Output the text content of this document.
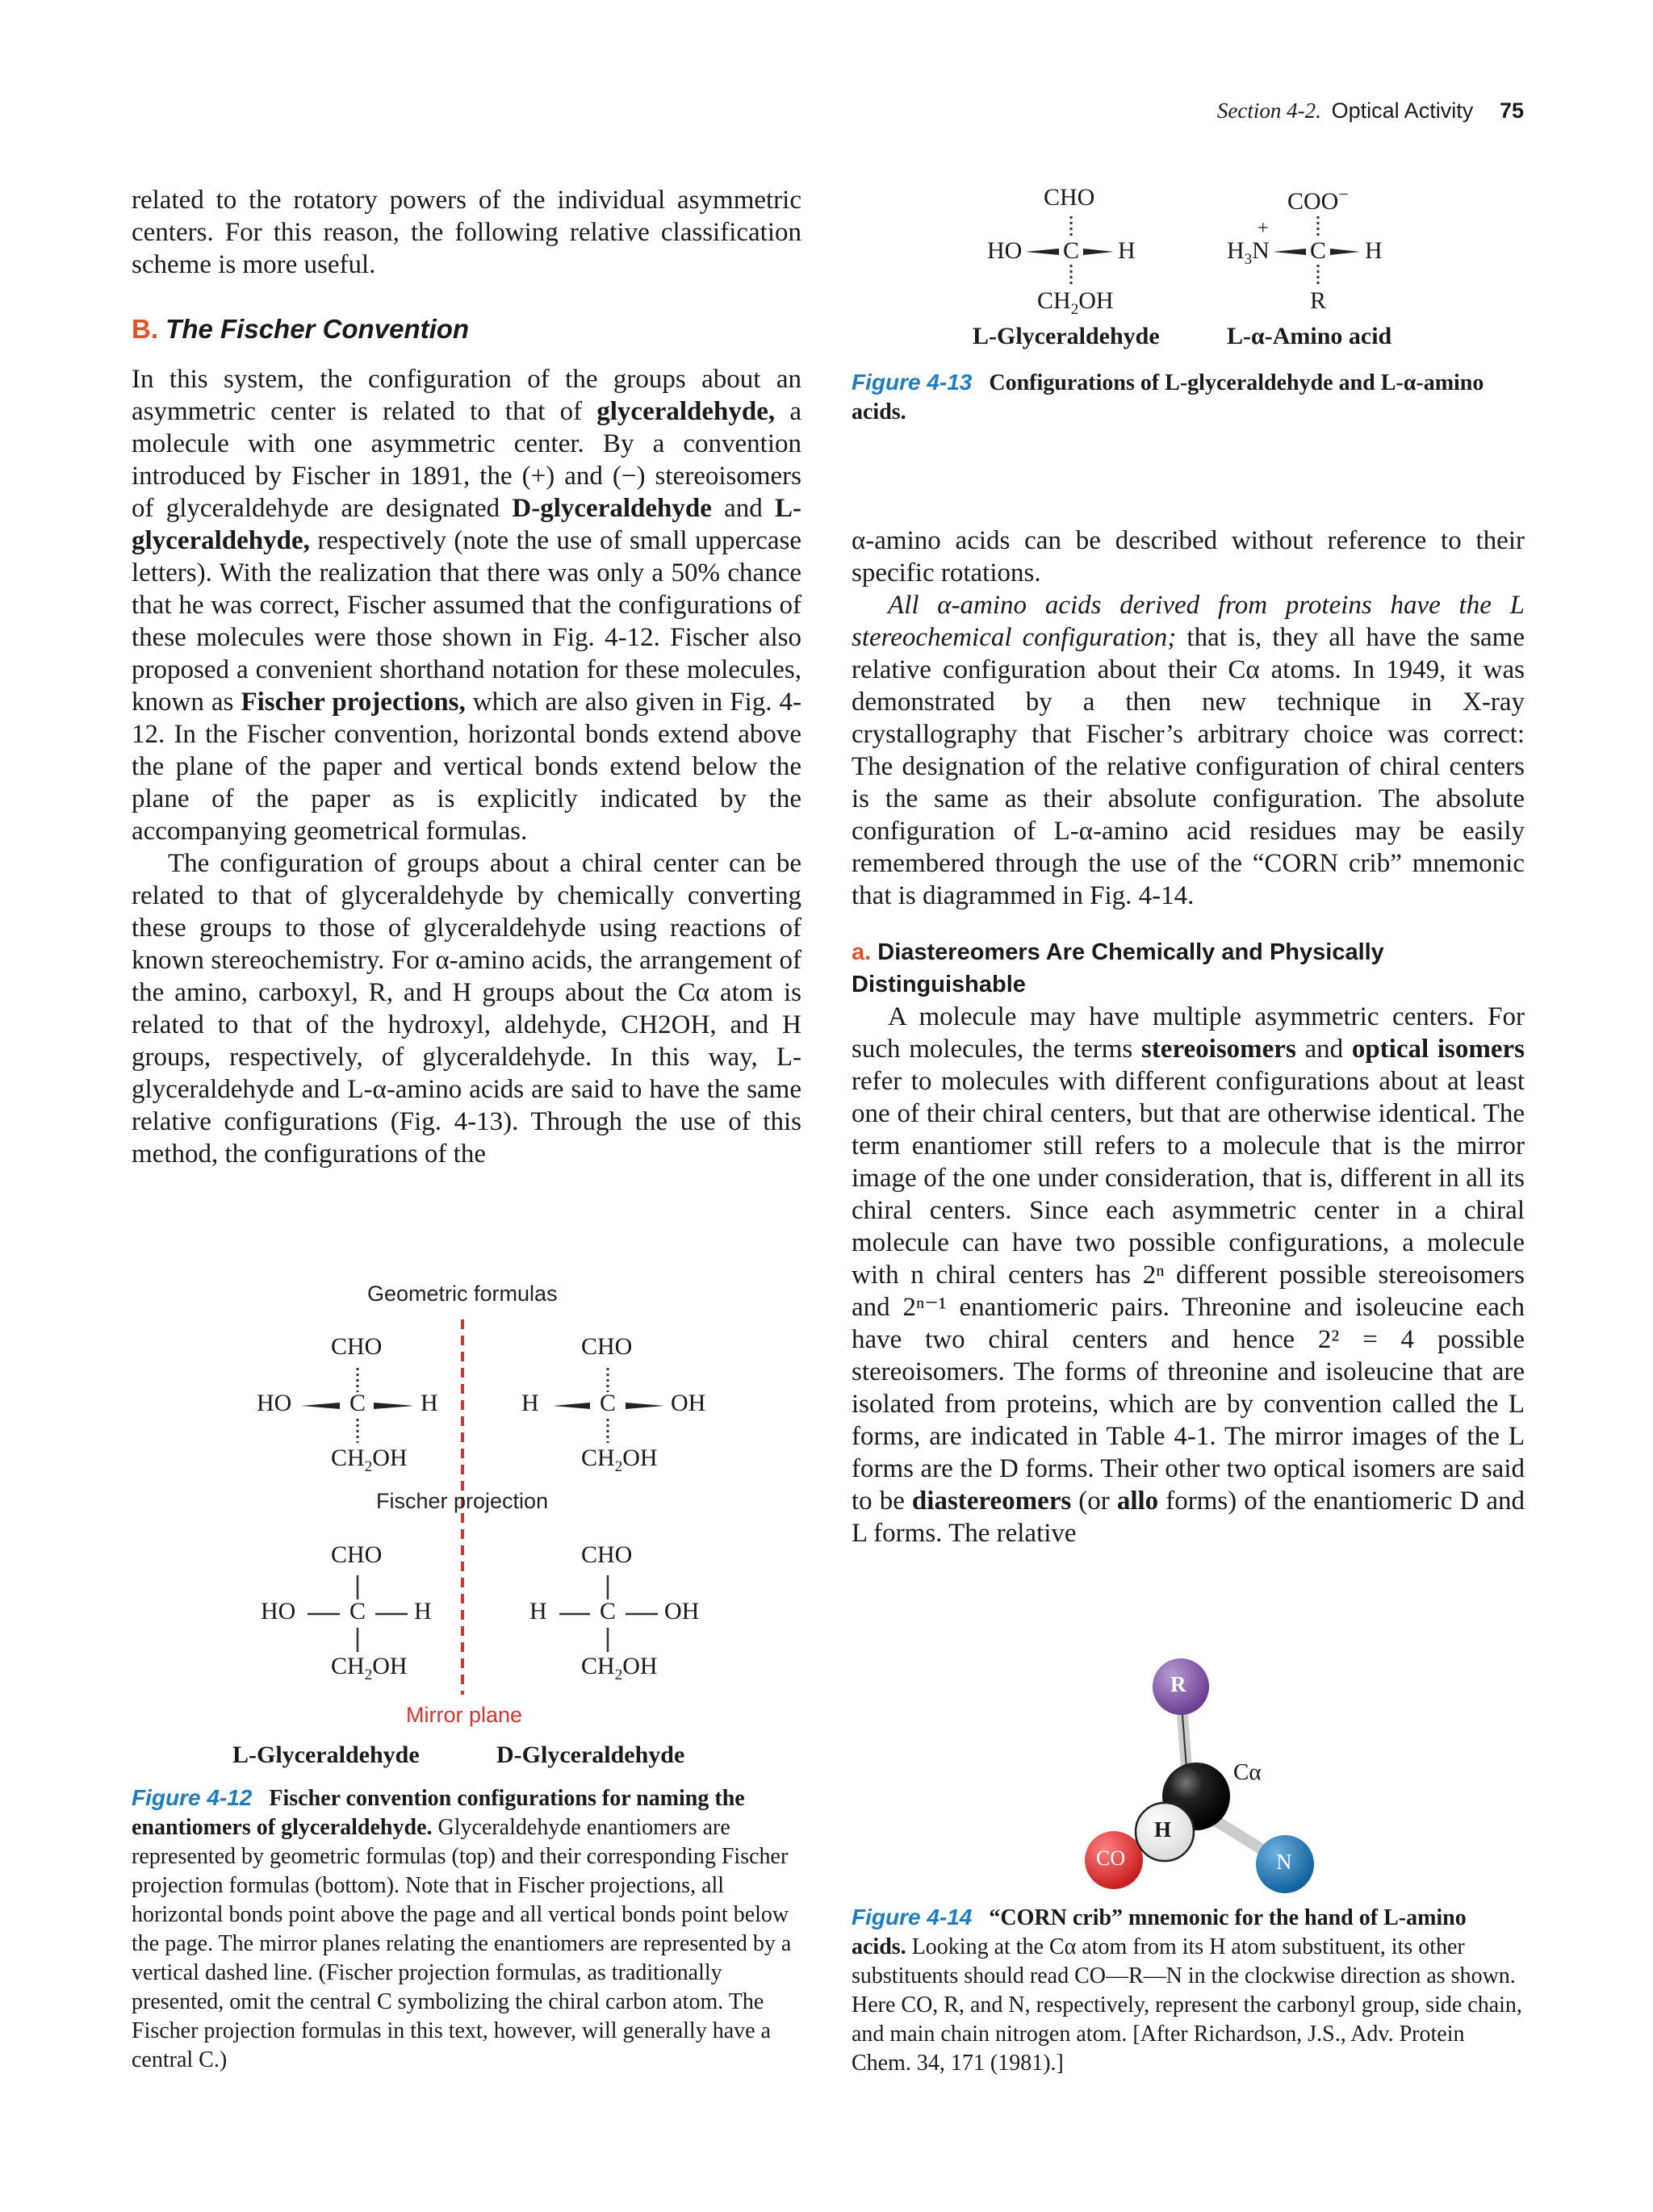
Section 4-2. Optical Activity 75

related to the rotatory powers of the individual asymmetric centers. For this reason, the following relative classification scheme is more useful.

B. The Fischer Convention

In this system, the configuration of the groups about an asymmetric center is related to that of glyceraldehyde, a molecule with one asymmetric center. By a convention introduced by Fischer in 1891, the (+) and (−) stereoisomers of glyceraldehyde are designated D-glyceraldehyde and L-glyceraldehyde, respectively (note the use of small uppercase letters). With the realization that there was only a 50% chance that he was correct, Fischer assumed that the configurations of these molecules were those shown in Fig. 4-12. Fischer also proposed a convenient shorthand notation for these molecules, known as Fischer projections, which are also given in Fig. 4-12. In the Fischer convention, horizontal bonds extend above the plane of the paper and vertical bonds extend below the plane of the paper as is explicitly indicated by the accompanying geometrical formulas.

The configuration of groups about a chiral center can be related to that of glyceraldehyde by chemically converting these groups to those of glyceraldehyde using reactions of known stereochemistry. For α-amino acids, the arrangement of the amino, carboxyl, R, and H groups about the Cα atom is related to that of the hydroxyl, aldehyde, CH2OH, and H groups, respectively, of glyceraldehyde. In this way, L-glyceraldehyde and L-α-amino acids are said to have the same relative configurations (Fig. 4-13). Through the use of this method, the configurations of the

Geometric formulas
CHO
HO C H
$CH_2OH$
CHO
H	C OH
$CH_2OH$
Fischer projection
CHO
HO C H
$CH_2OH$
CHO
H C OH
$CH_2OH$
Mirror plane
L-Glyceraldehyde	D-Glyceraldehyde
Figure 4-12 Fischer convention configurations for naming the enantiomers of glyceraldehyde. Glyceraldehyde enantiomers are represented by geometric formulas (top) and their corresponding Fischer projection formulas (bottom). Note that in Fischer projections, all horizontal bonds point above the page and all vertical bonds point below the page. The mirror planes relating the enantiomers are represented by a vertical dashed line. (Fischer projection formulas, as traditionally presented, omit the central C symbolizing the chiral carbon atom. The Fischer projection formulas in this text, however, will generally have a central C.)
CHO
HO C H
$CH_2OH$
COO−
$H_3N$
+
C H
R
L-Glyceraldehyde	L-α-Amino acid
Figure 4-13 Configurations of L-glyceraldehyde and L-α-amino acids.

α-amino acids can be described without reference to their specific rotations.

All α-amino acids derived from proteins have the L stereochemical configuration; that is, they all have the same relative configuration about their Cα atoms. In 1949, it was demonstrated by a then new technique in X-ray crystallography that Fischer’s arbitrary choice was correct: The designation of the relative configuration of chiral centers is the same as their absolute configuration. The absolute configuration of L-α-amino acid residues may be easily remembered through the use of the “CORN crib” mnemonic that is diagrammed in Fig. 4-14.

a. Diastereomers Are Chemically and Physically Distinguishable

A molecule may have multiple asymmetric centers. For such molecules, the terms stereoisomers and optical isomers refer to molecules with different configurations about at least one of their chiral centers, but that are otherwise identical. The term enantiomer still refers to a molecule that is the mirror image of the one under consideration, that is, different in all its chiral centers. Since each asymmetric center in a chiral molecule can have two possible configurations, a molecule with n chiral centers has 2ⁿ different possible stereoisomers and 2ⁿ⁻¹ enantiomeric pairs. Threonine and isoleucine each have two chiral centers and hence 2² = 4 possible stereoisomers. The forms of threonine and isoleucine that are isolated from proteins, which are by convention called the L forms, are indicated in Table 4-1. The mirror images of the L forms are the D forms. Their other two optical isomers are said to be diastereomers (or allo forms) of the enantiomeric D and L forms. The relative

R
Cα
H
CO	N
Figure 4-14 “CORN crib” mnemonic for the hand of L-amino acids. Looking at the Cα atom from its H atom substituent, its other substituents should read CO—R—N in the clockwise direction as shown. Here CO, R, and N, respectively, represent the carbonyl group, side chain, and main chain nitrogen atom. [After Richardson, J.S., Adv. Protein Chem. 34, 171 (1981).]
